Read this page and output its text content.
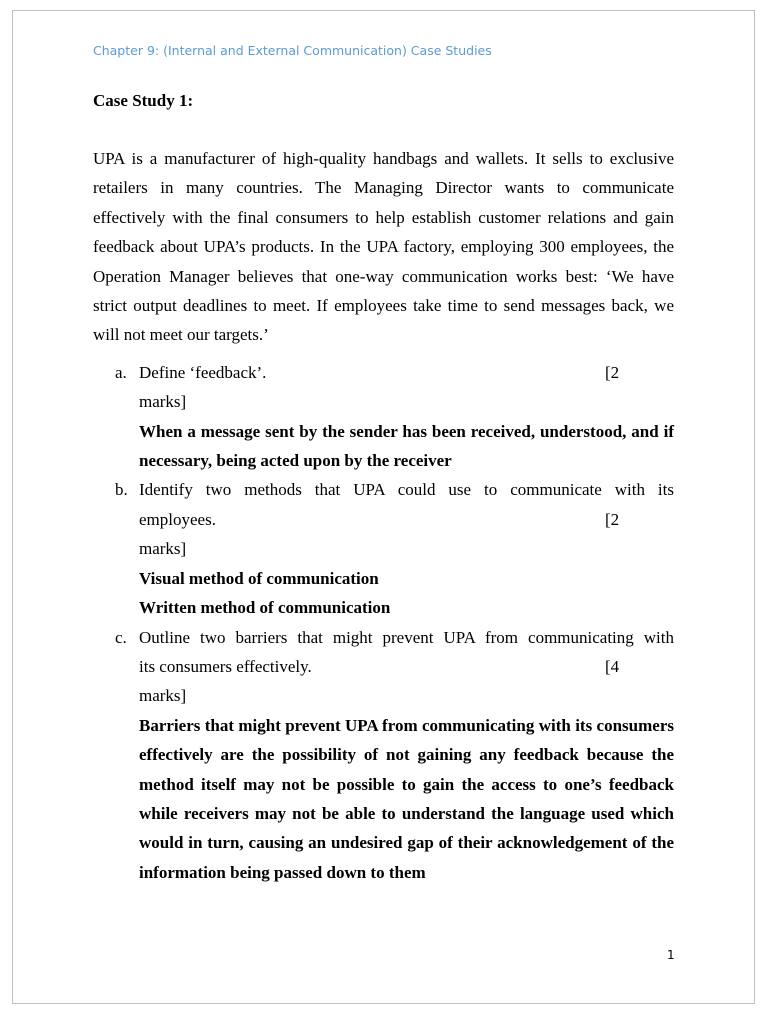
Chapter 9: (Internal and External Communication) Case Studies
Case Study 1:
UPA is a manufacturer of high-quality handbags and wallets. It sells to exclusive retailers in many countries. The Managing Director wants to communicate effectively with the final consumers to help establish customer relations and gain feedback about UPA’s products. In the UPA factory, employing 300 employees, the Operation Manager believes that one-way communication works best: ‘We have strict output deadlines to meet. If employees take time to send messages back, we will not meet our targets.’
a. Define ‘feedback’.	[2
marks]
When a message sent by the sender has been received, understood, and if necessary, being acted upon by the receiver
b. Identify two methods that UPA could use to communicate with its
employees.	[2
marks]
Visual method of communication
Written method of communication
c. Outline two barriers that might prevent UPA from communicating with
its consumers effectively.	[4
marks]
Barriers that might prevent UPA from communicating with its consumers effectively are the possibility of not gaining any feedback because the method itself may not be possible to gain the access to one’s feedback while receivers may not be able to understand the language used which would in turn, causing an undesired gap of their acknowledgement of the information being passed down to them
1
